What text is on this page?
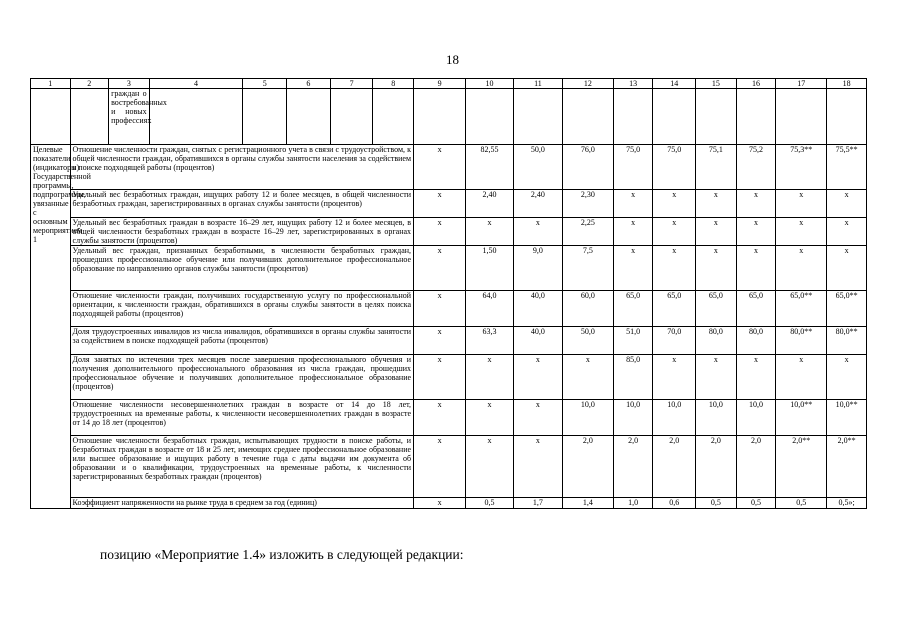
18
1	2	3	4	5	6	7	8	9	10	11	12	13	14	15	16	17	18
		граждан о востребованных и новых профессиях															
Целевые показатели (индикаторы) Государственной программы, подпрограммы, увязанные с основным мероприятием 1	Отношение численности граждан, снятых с регистрационного учета в связи с трудоустройством, к общей численности граждан, обратившихся в органы службы занятости населения за содействием в поиске подходящей работы (процентов)							x	82,55	50,0	76,0	75,0	75,0	75,1	75,2	75,3**	75,5**
	Удельный вес безработных граждан, ищущих работу 12 и более месяцев, в общей численности безработных граждан, зарегистрированных в органах службы занятости (процентов)							x	2,40	2,40	2,30	x	x	x	x	x	x
	Удельный вес безработных граждан в возрасте 16–29 лет, ищущих работу 12 и более месяцев, в общей численности безработных граждан в возрасте 16–29 лет, зарегистрированных в органах службы занятости (процентов)							x	x	x	2,25	x	x	x	x	x	x
	Удельный вес граждан, признанных безработными, в численности безработных граждан, прошедших профессиональное обучение или получивших дополнительное профессиональное образование по направлению органов службы занятости (процентов)							x	1,50	9,0	7,5	x	x	x	x	x	x
	Отношение численности граждан, получивших государственную услугу по профессиональной ориентации, к численности граждан, обратившихся в органы службы занятости в целях поиска подходящей работы (процентов)							x	64,0	40,0	60,0	65,0	65,0	65,0	65,0	65,0**	65,0**
	Доля трудоустроенных инвалидов из числа инвалидов, обратившихся в органы службы занятости за содействием в поиске подходящей работы (процентов)							x	63,3	40,0	50,0	51,0	70,0	80,0	80,0	80,0**	80,0**
	Доля занятых по истечении трех месяцев после завершения профессионального обучения и получения дополнительного профессионального образования из числа граждан, прошедших профессиональное обучение и получивших дополнительное профессиональное образование (процентов)							x	x	x	x	85,0	x	x	x	x	x
	Отношение численности несовершеннолетних граждан в возрасте от 14 до 18 лет, трудоустроенных на временные работы, к численности несовершеннолетних граждан в возрасте от 14 до 18 лет (процентов)							x	x	x	10,0	10,0	10,0	10,0	10,0	10,0**	10,0**
	Отношение численности безработных граждан, испытывающих трудности в поиске работы, и безработных граждан в возрасте от 18 и 25 лет, имеющих среднее профессиональное образование или высшее образование и ищущих работу в течение года с даты выдачи им документа об образовании и о квалификации, трудоустроенных на временные работы, к численности зарегистрированных безработных граждан (процентов)							x	x	x	2,0	2,0	2,0	2,0	2,0	2,0**	2,0**
	Коэффициент напряженности на рынке труда в среднем за год (единиц)							x	0,5	1,7	1,4	1,0	0,6	0,5	0,5	0,5	0,5»;
позицию «Мероприятие 1.4» изложить в следующей редакции:
